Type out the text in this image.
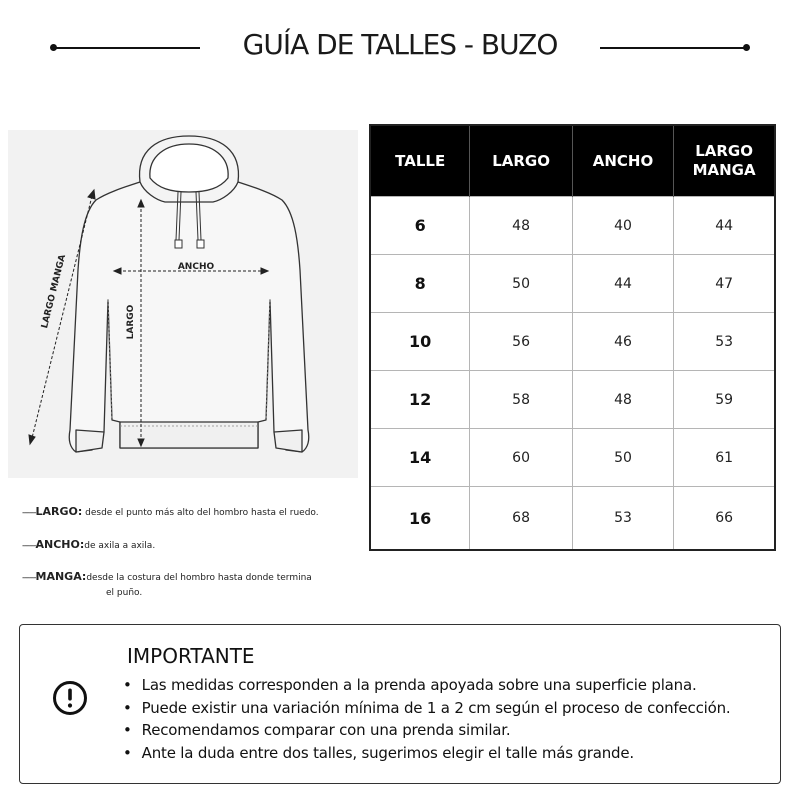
GUÍA DE TALLES - BUZO
ANCHO
LARGO
LARGO MANGA
------LARGO: desde el punto más alto del hombro hasta el ruedo.
------ANCHO:de axila a axila.
------MANGA:desde la costura del hombro hasta donde termina
el puño.
TALLE	LARGO	ANCHO	LARGO MANGA
6	48	40	44
8	50	44	47
10	56	46	53
12	58	48	59
14	60	50	61
16	68	53	66
IMPORTANTE
• Las medidas corresponden a la prenda apoyada sobre una superficie plana.
• Puede existir una variación mínima de 1 a 2 cm según el proceso de confección.
• Recomendamos comparar con una prenda similar.
• Ante la duda entre dos talles, sugerimos elegir el talle más grande.
